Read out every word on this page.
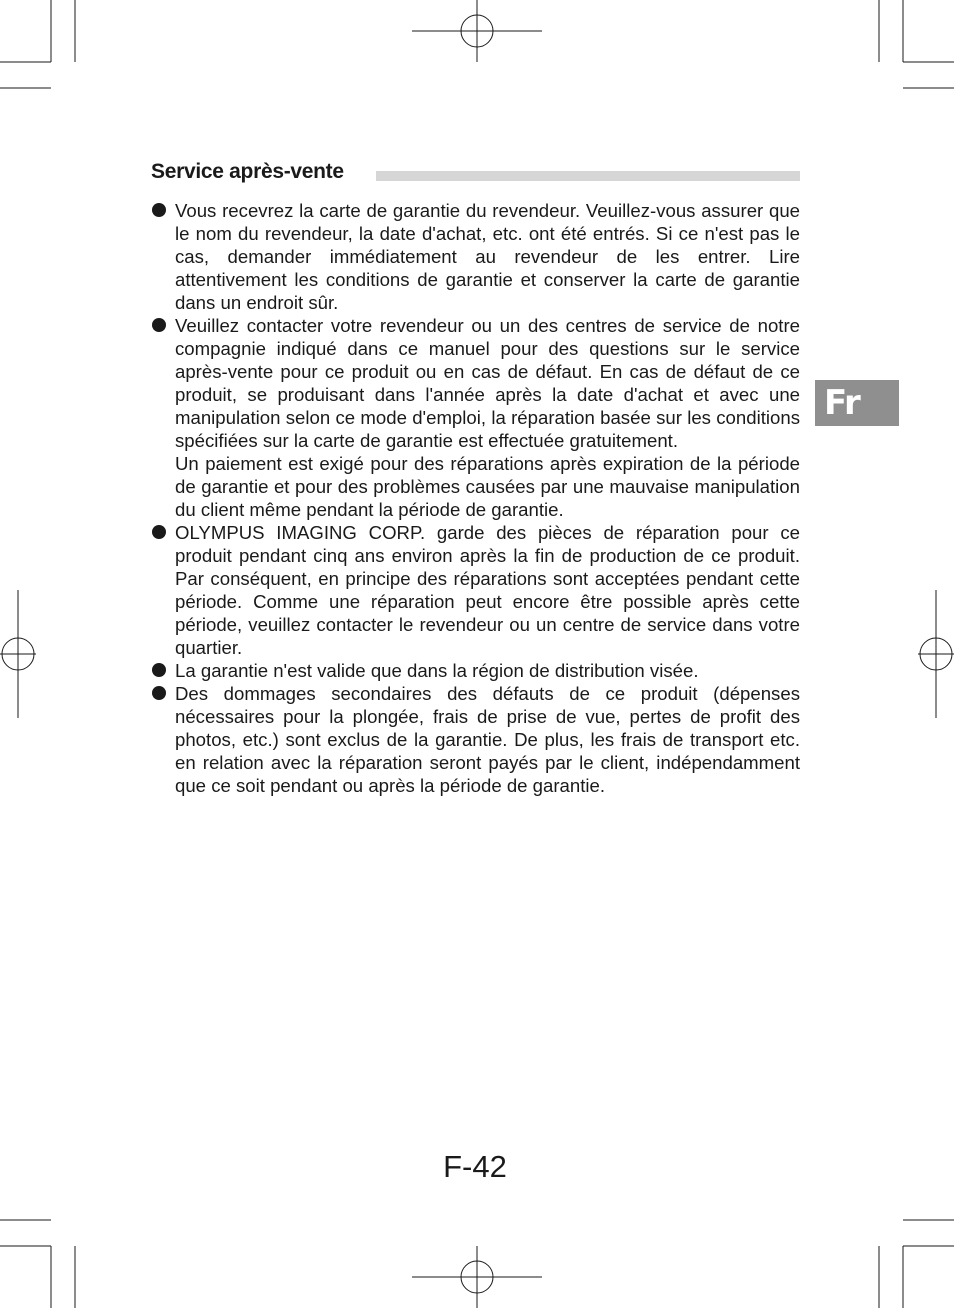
Service après-vente
Vous recevrez la carte de garantie du revendeur. Veuillez-vous assurer que le nom du revendeur, la date d'achat, etc. ont été entrés. Si ce n'est pas le cas, demander immédiatement au revendeur de les entrer. Lire attentivement les conditions de garantie et conserver la carte de garantie dans un endroit sûr.
Veuillez contacter votre revendeur ou un des centres de service de notre compagnie indiqué dans ce manuel pour des questions sur le service après-vente pour ce produit ou en cas de défaut. En cas de défaut de ce produit, se produisant dans l'année après la date d'achat et avec une manipulation selon ce mode d'emploi, la réparation basée sur les conditions spécifiées sur la carte de garantie est effectuée gratuitement.
Un paiement est exigé pour des réparations après expiration de la période de garantie et pour des problèmes causées par une mauvaise manipulation du client même pendant la période de garantie.
OLYMPUS IMAGING CORP. garde des pièces de réparation pour ce produit pendant cinq ans environ après la fin de production de ce produit. Par conséquent, en principe des réparations sont acceptées pendant cette période. Comme une réparation peut encore être possible après cette période, veuillez contacter le revendeur ou un centre de service dans votre quartier.
La garantie n'est valide que dans la région de distribution visée.
Des dommages secondaires des défauts de ce produit (dépenses nécessaires pour la plongée, frais de prise de vue, pertes de profit des photos, etc.) sont exclus de la garantie. De plus, les frais de transport etc. en relation avec la réparation seront payés par le client, indépendamment que ce soit pendant ou après la période de garantie.
Fr
F-42
